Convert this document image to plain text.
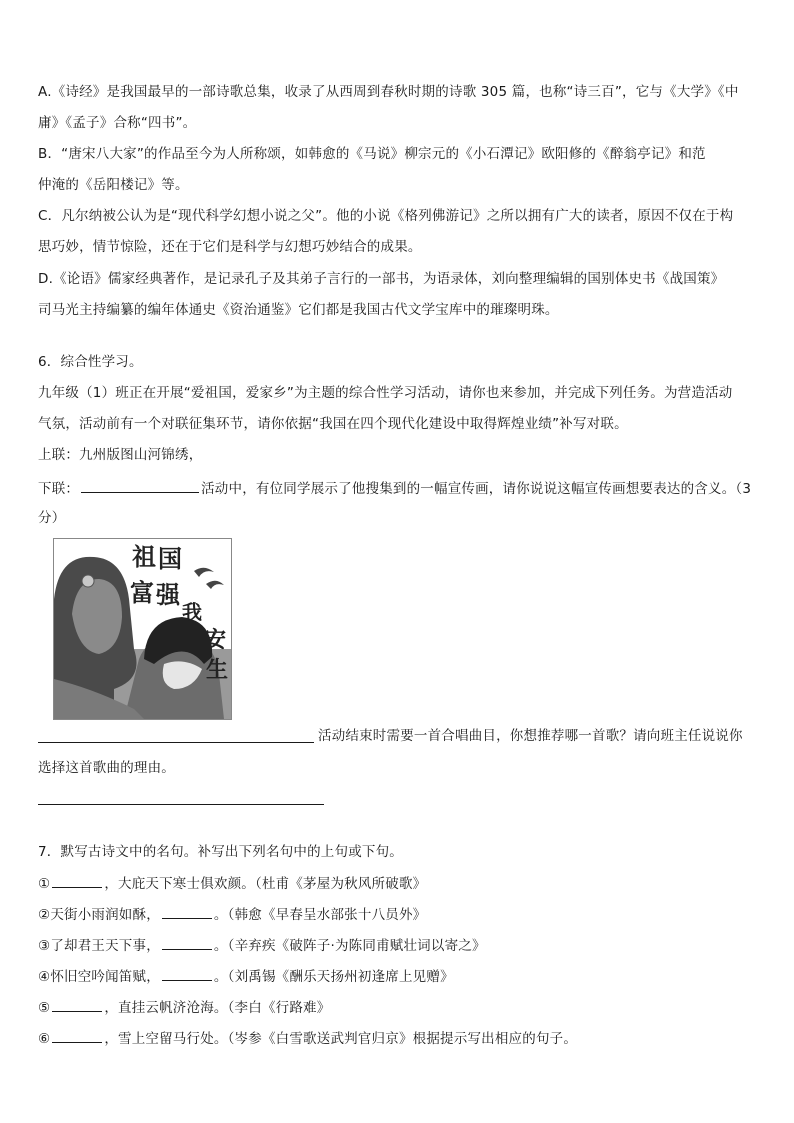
A.《诗经》是我国最早的一部诗歌总集，收录了从西周到春秋时期的诗歌 305 篇，也称“诗三百”，它与《大学》《中
庸》《孟子》合称“四书”。
B．“唐宋八大家”的作品至今为人所称颂，如韩愈的《马说》柳宗元的《小石潭记》欧阳修的《醉翁亭记》和范
仲淹的《岳阳楼记》等。
C．凡尔纳被公认为是“现代科学幻想小说之父”。他的小说《格列佛游记》之所以拥有广大的读者，原因不仅在于构
思巧妙，情节惊险，还在于它们是科学与幻想巧妙结合的成果。
D.《论语》儒家经典著作，是记录孔子及其弟子言行的一部书，为语录体，刘向整理编辑的国别体史书《战国策》
司马光主持编纂的编年体通史《资治通鉴》它们都是我国古代文学宝库中的璀璨明珠。
6．综合性学习。
九年级（1）班正在开展“爱祖国，爱家乡”为主题的综合性学习活动，请你也来参加，并完成下列任务。为营造活动
气氛，活动前有一个对联征集环节，请你依据“我国在四个现代化建设中取得辉煌业绩”补写对联。
上联：九州版图山河锦绣，
下联：	活动中，有位同学展示了他搜集到的一幅宣传画，请你说说这幅宣传画想要表达的含义。（3
分）
祖 国
富 强
我
安
生
活动结束时需要一首合唱曲目，你想推荐哪一首歌？请向班主任说说你
选择这首歌曲的理由。
7．默写古诗文中的名句。补写出下列名句中的上句或下句。
①	，大庇天下寒士俱欢颜。（杜甫《茅屋为秋风所破歌》
②天街小雨润如酥，	。（韩愈《早春呈水部张十八员外》
③了却君王天下事，	。（辛弃疾《破阵子·为陈同甫赋壮词以寄之》
④怀旧空吟闻笛赋，	。（刘禹锡《酬乐天扬州初逢席上见赠》
⑤	，直挂云帆济沧海。（李白《行路难》
⑥	，雪上空留马行处。（岑参《白雪歌送武判官归京》根据提示写出相应的句子。
